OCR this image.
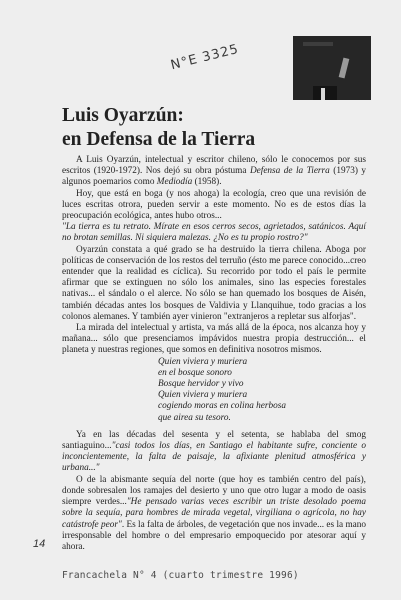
N°E 3325
Luis Oyarzún:
en Defensa de la Tierra

A Luis Oyarzún, intelectual y escritor chileno, sólo le conocemos por sus escritos (1920-1972). Nos dejó su obra póstuma Defensa de la Tierra (1973) y algunos poemarios como Mediodía (1958).

Hoy, que está en boga (y nos ahoga) la ecología, creo que una revisión de luces escritas otrora, pueden servir a este momento. No es de estos días la preocupación ecológica, antes hubo otros...

"La tierra es tu retrato. Mírate en esos cerros secos, agrietados, satánicos. Aquí no brotan semillas. Ni siquiera malezas. ¿No es tu propio rostro?"

Oyarzún constata a qué grado se ha destruido la tierra chilena. Aboga por políticas de conservación de los restos del terruño (ésto me parece conocido...creo entender que la realidad es cíclica). Su recorrido por todo el país le permite afirmar que se extinguen no sólo los animales, sino las especies forestales nativas... el sándalo o el alerce. No sólo se han quemado los bosques de Aisén, también décadas antes los bosques de Valdivia y Llanquihue, todo gracias a los colonos alemanes. Y también ayer vinieron "extranjeros a repletar sus alforjas".

La mirada del intelectual y artista, va más allá de la época, nos alcanza hoy y mañana... sólo que presenciamos impávidos nuestra propia destrucción... el planeta y nuestras regiones, que somos en definitiva nosotros mismos.

Quien viviera y muriera

en el bosque sonoro

Bosque hervidor y vivo

Quien viviera y muriera

cogiendo moras en colina herbosa

que airea su tesoro.

Ya en las décadas del sesenta y el setenta, se hablaba del smog santiaguino..."casi todos los días, en Santiago el habitante sufre, conciente o inconcientemente, la falta de paisaje, la afixiante plenitud atmosférica y urbana..."

O de la abismante sequía del norte (que hoy es también centro del país), donde sobresalen los ramajes del desierto y uno que otro lugar a modo de oasis siempre verdes..."He pensado varias veces escribir un triste desolado poema sobre la sequía, para hombres de mirada vegetal, virgiliana o agrícola, no hay catástrofe peor". Es la falta de árboles, de vegetación que nos invade... es la mano irresponsable del hombre o del empresario empoquecido por atesorar aquí y ahora.

14
Francachela N° 4 (cuarto trimestre 1996)
